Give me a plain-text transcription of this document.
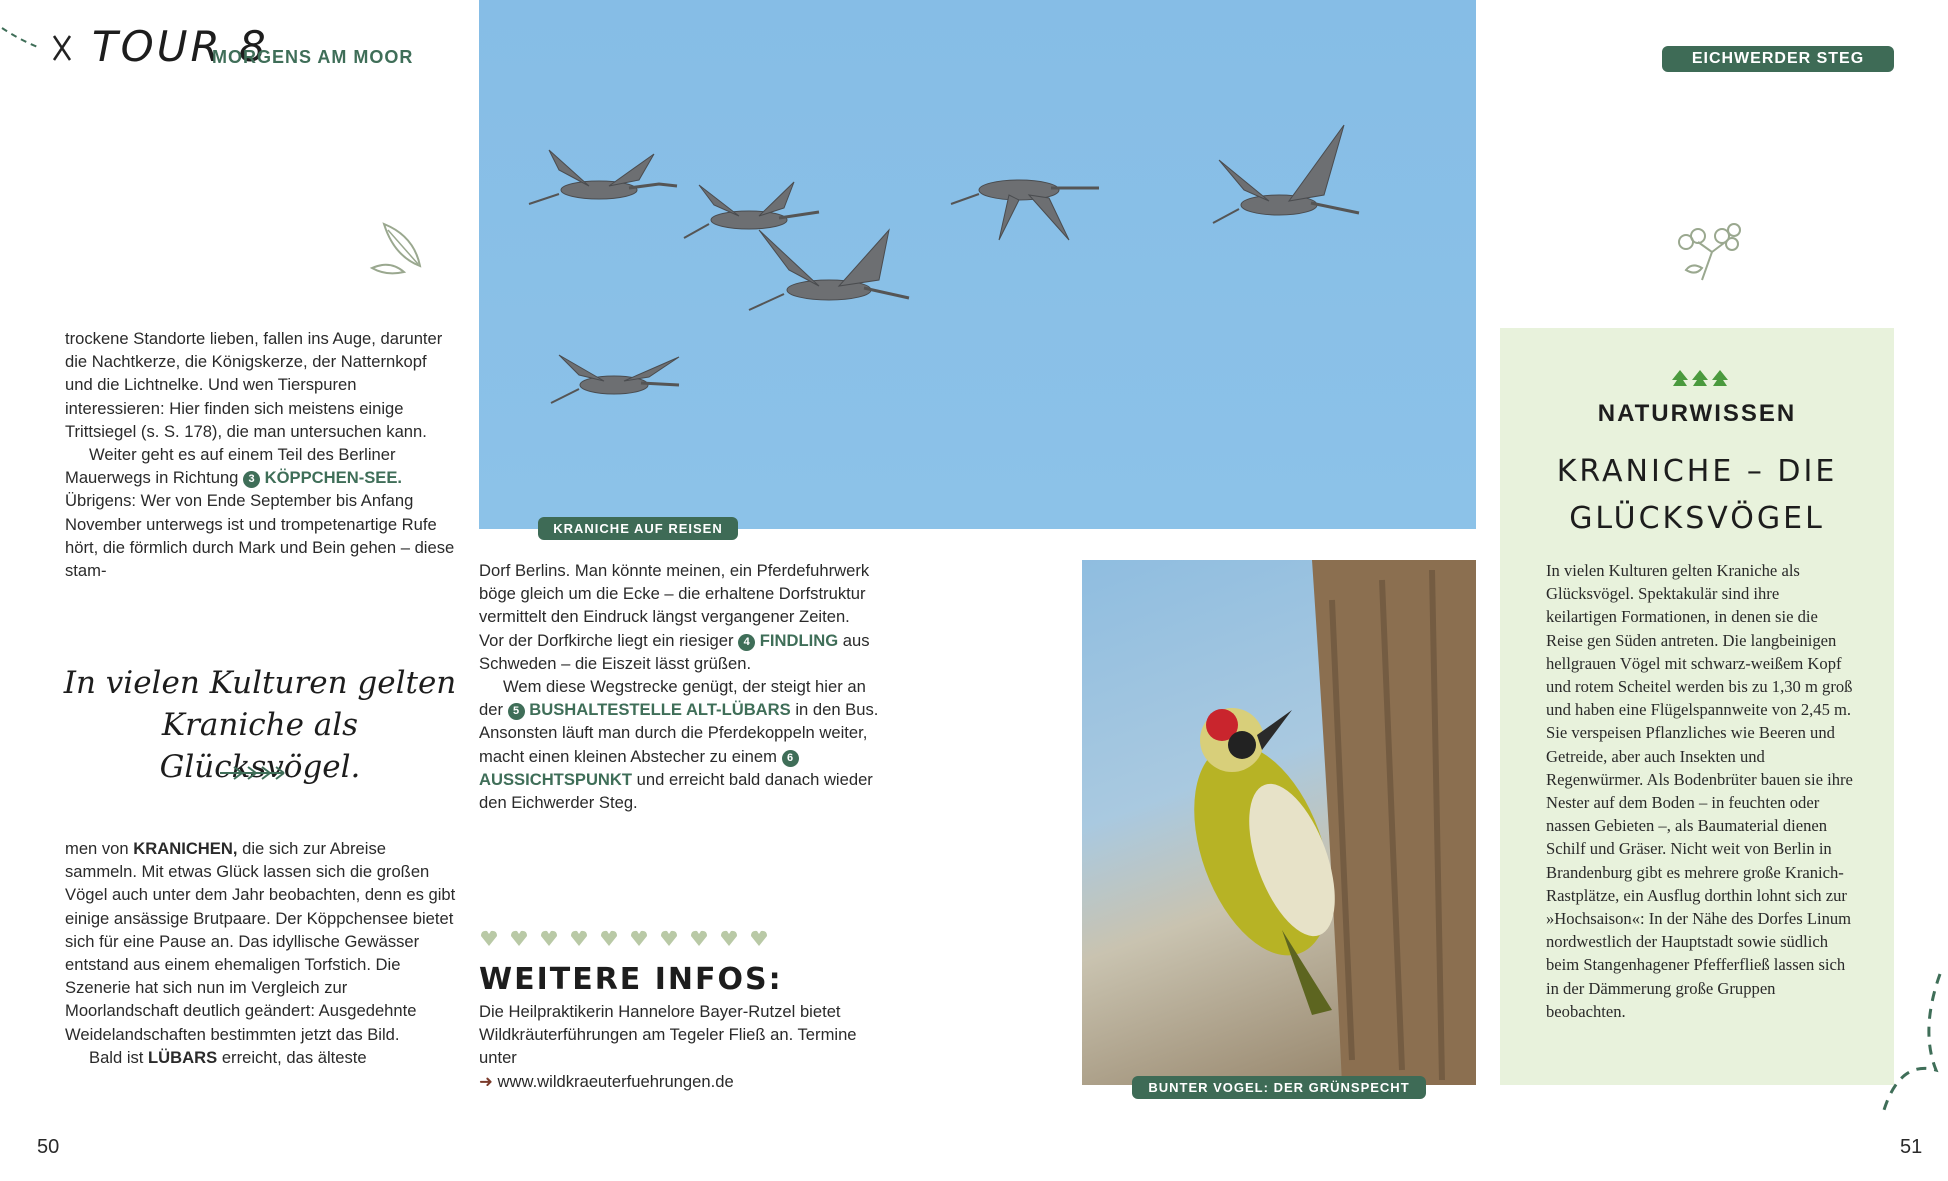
TOUR 8
MORGENS AM MOOR

trockene Standorte lieben, fallen ins Auge, darunter die Nachtkerze, die Königskerze, der Natternkopf und die Lichtnelke. Und wen Tierspuren interessieren: Hier finden sich meistens einige Trittsiegel (s. S. 178), die man untersuchen kann.

Weiter geht es auf einem Teil des Berliner Mauerwegs in Richtung 3 KÖPPCHEN-SEE. Übrigens: Wer von Ende September bis Anfang November unterwegs ist und trompetenartige Rufe hört, die förmlich durch Mark und Bein gehen – diese stam-

In vielen Kulturen gelten
Kraniche als Glücksvögel.

men von KRANICHEN, die sich zur Abreise sammeln. Mit etwas Glück lassen sich die großen Vögel auch unter dem Jahr beobachten, denn es gibt einige ansässige Brutpaare. Der Köppchensee bietet sich für eine Pause an. Das idyllische Gewässer entstand aus einem ehemaligen Torfstich. Die Szenerie hat sich nun im Vergleich zur Moorlandschaft deutlich geändert: Ausgedehnte Weidelandschaften bestimmten jetzt das Bild.

Bald ist LÜBARS erreicht, das älteste

KRANICHE AUF REISEN

Dorf Berlins. Man könnte meinen, ein Pferdefuhrwerk böge gleich um die Ecke – die erhaltene Dorfstruktur vermittelt den Eindruck längst vergangener Zeiten. Vor der Dorfkirche liegt ein riesiger 4 FINDLING aus Schweden – die Eiszeit lässt grüßen.

Wem diese Wegstrecke genügt, der steigt hier an der 5 BUSHALTESTELLE ALT-LÜBARS in den Bus. Ansonsten läuft man durch die Pferdekoppeln weiter, macht einen kleinen Abstecher zu einem 6 AUSSICHTSPUNKT und erreicht bald danach wieder den Eichwerder Steg.

WEITERE INFOS:

Die Heilpraktikerin Hannelore Bayer-Rutzel bietet Wildkräuterführungen am Tegeler Fließ an. Termine unter

➜ www.wildkraeuterfuehrungen.de	BUNTER VOGEL: DER GRÜNSPECHT
EICHWERDER STEG
NATURWISSEN
KRANICHE – DIE
GLÜCKSVÖGEL

In vielen Kulturen gelten Kraniche als Glücksvögel. Spektakulär sind ihre keilartigen Formationen, in denen sie die Reise gen Süden antreten. Die langbeinigen hellgrauen Vögel mit schwarz-weißem Kopf und rotem Scheitel werden bis zu 1,30 m groß und haben eine Flügelspannweite von 2,45 m. Sie verspeisen Pflanzliches wie Beeren und Getreide, aber auch Insekten und Regenwürmer. Als Bodenbrüter bauen sie ihre Nester auf dem Boden – in feuchten oder nassen Gebieten –, als Baumaterial dienen Schilf und Gräser. Nicht weit von Berlin in Brandenburg gibt es mehrere große Kranich-Rastplätze, ein Ausflug dorthin lohnt sich zur »Hochsaison«: In der Nähe des Dorfes Linum nordwestlich der Hauptstadt sowie südlich beim Stangenhagener Pfefferfließ lassen sich in der Dämmerung große Gruppen beobachten.

50	51
